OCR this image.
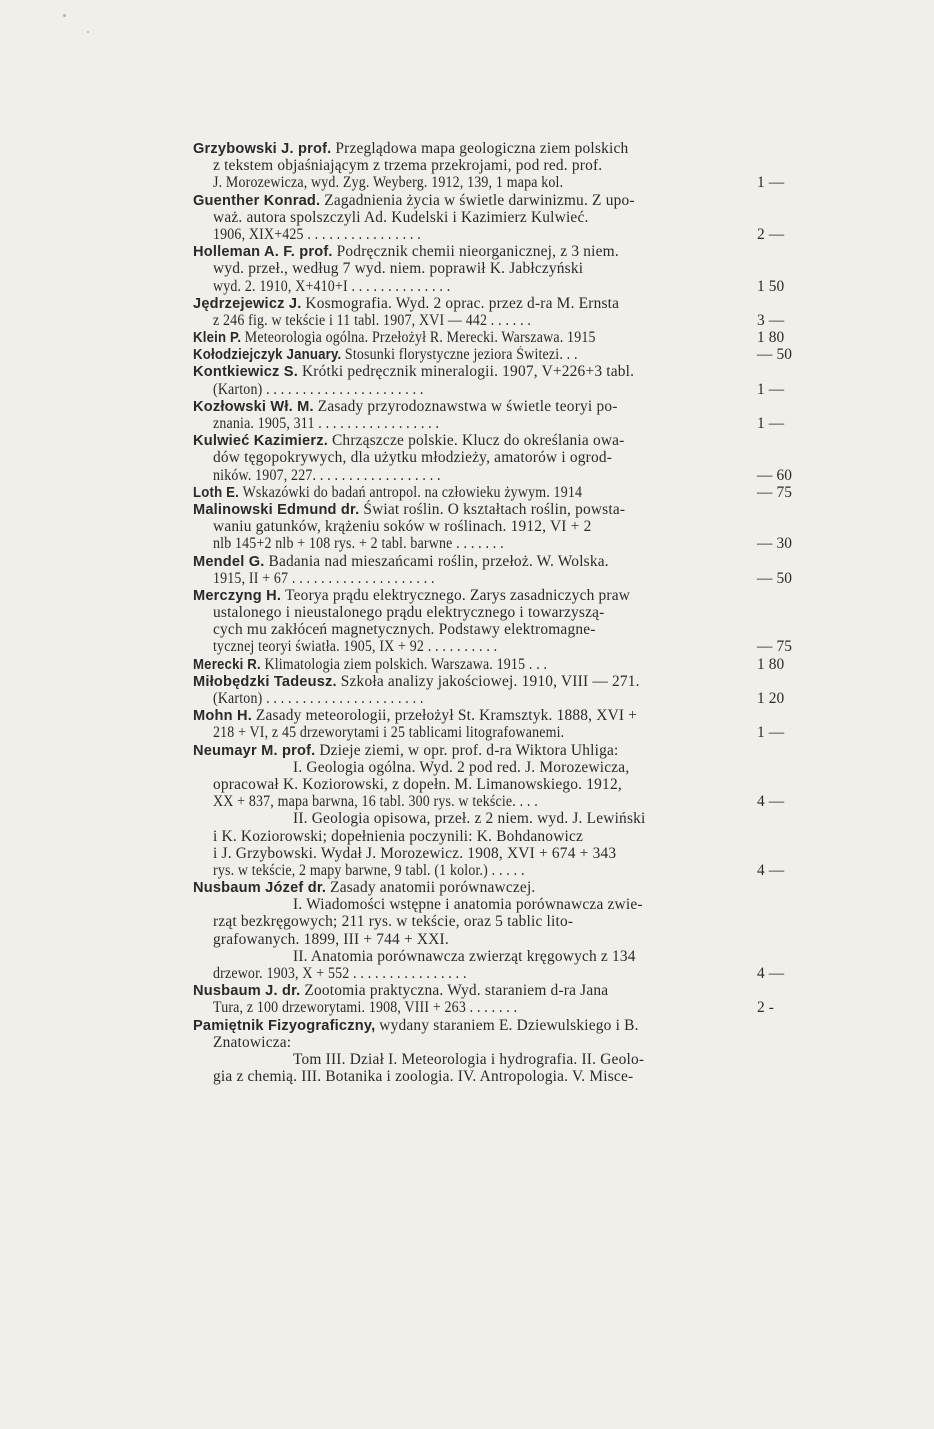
Grzybowski J. prof. Przeglądowa mapa geologiczna ziem polskich
z tekstem objaśniającym z trzema przekrojami, pod red. prof.
J. Morozewicza, wyd. Zyg. Weyberg. 1912, 139, 1 mapa kol.	1 —
Guenther Konrad. Zagadnienia życia w świetle darwinizmu. Z upo-
waż. autora spolszczyli Ad. Kudelski i Kazimierz Kulwieć.
1906, XIX+425 . . . . . . . . . . . . . . . .	2 —
Holleman A. F. prof. Podręcznik chemii nieorganicznej, z 3 niem.
wyd. przeł., według 7 wyd. niem. poprawił K. Jabłczyński
wyd. 2. 1910, X+410+I . . . . . . . . . . . . . .	1 50
Jędrzejewicz J. Kosmografia. Wyd. 2 oprac. przez d-ra M. Ernsta
z 246 fig. w tekście i 11 tabl. 1907, XVI — 442 . . . . . .	3 —
Klein P. Meteorologia ogólna. Przełożył R. Merecki. Warszawa. 1915	1 80
Kołodziejczyk January. Stosunki florystyczne jeziora Świtezi. . .	— 50
Kontkiewicz S. Krótki pedręcznik mineralogii. 1907, V+226+3 tabl.
(Karton) . . . . . . . . . . . . . . . . . . . . . .	1 —
Kozłowski Wł. M. Zasady przyrodoznawstwa w świetle teoryi po-
znania. 1905, 311 . . . . . . . . . . . . . . . . .	1 —
Kulwieć Kazimierz. Chrząszcze polskie. Klucz do określania owa-
dów tęgopokrywych, dla użytku młodzieży, amatorów i ogrod-
ników. 1907, 227. . . . . . . . . . . . . . . . . .	— 60
Loth E. Wskazówki do badań antropol. na człowieku żywym. 1914	— 75
Malinowski Edmund dr. Świat roślin. O kształtach roślin, powsta-
waniu gatunków, krążeniu soków w roślinach. 1912, VI + 2
nlb 145+2 nlb + 108 rys. + 2 tabl. barwne . . . . . . .	— 30
Mendel G. Badania nad mieszańcami roślin, przełoż. W. Wolska.
1915, II + 67 . . . . . . . . . . . . . . . . . . . .	— 50
Merczyng H. Teorya prądu elektrycznego. Zarys zasadniczych praw
ustalonego i nieustalonego prądu elektrycznego i towarzyszą-
cych mu zakłóceń magnetycznych. Podstawy elektromagne-
tycznej teoryi światła. 1905, IX + 92 . . . . . . . . . .	— 75
Merecki R. Klimatologia ziem polskich. Warszawa. 1915 . . .	1 80
Miłobędzki Tadeusz. Szkoła analizy jakościowej. 1910, VIII — 271.
(Karton) . . . . . . . . . . . . . . . . . . . . . .	1 20
Mohn H. Zasady meteorologii, przełożył St. Kramsztyk. 1888, XVI +
218 + VI, z 45 drzeworytami i 25 tablicami litografowanemi.	1 —
Neumayr M. prof. Dzieje ziemi, w opr. prof. d-ra Wiktora Uhliga:
I. Geologia ogólna. Wyd. 2 pod red. J. Morozewicza,
opracował K. Koziorowski, z dopełn. M. Limanowskiego. 1912,
XX + 837, mapa barwna, 16 tabl. 300 rys. w tekście. . . .	4 —
II. Geologia opisowa, przeł. z 2 niem. wyd. J. Lewiński
i K. Koziorowski; dopełnienia poczynili: K. Bohdanowicz
i J. Grzybowski. Wydał J. Morozewicz. 1908, XVI + 674 + 343
rys. w tekście, 2 mapy barwne, 9 tabl. (1 kolor.) . . . . .	4 —
Nusbaum Józef dr. Zasady anatomii porównawczej.
I. Wiadomości wstępne i anatomia porównawcza zwie-
rząt bezkręgowych; 211 rys. w tekście, oraz 5 tablic lito-
grafowanych. 1899, III + 744 + XXI.
II. Anatomia porównawcza zwierząt kręgowych z 134
drzewor. 1903, X + 552 . . . . . . . . . . . . . . . .	4 —
Nusbaum J. dr. Zootomia praktyczna. Wyd. staraniem d-ra Jana
Tura, z 100 drzeworytami. 1908, VIII + 263 . . . . . . .	2 -
Pamiętnik Fizyograficzny, wydany staraniem E. Dziewulskiego i B.
Znatowicza:
Tom III. Dział I. Meteorologia i hydrografia. II. Geolo-
gia z chemią. III. Botanika i zoologia. IV. Antropologia. V. Misce-
